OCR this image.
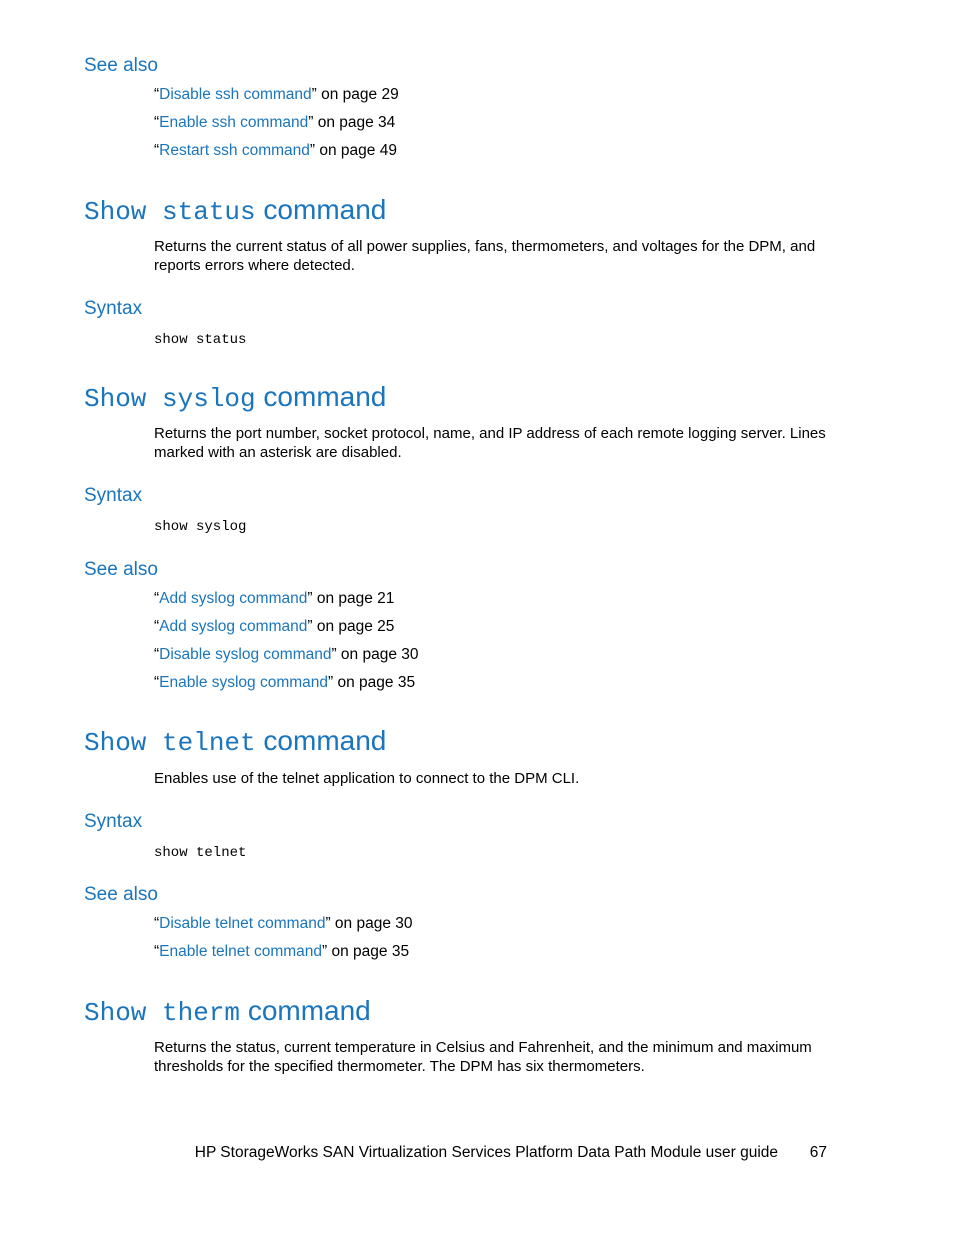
See also
“Disable ssh command” on page 29
“Enable ssh command” on page 34
“Restart ssh command” on page 49
Show status command
Returns the current status of all power supplies, fans, thermometers, and voltages for the DPM, and reports errors where detected.
Syntax
show status
Show syslog command
Returns the port number, socket protocol, name, and IP address of each remote logging server. Lines marked with an asterisk are disabled.
Syntax
show syslog
See also
“Add syslog command” on page 21
“Add syslog command” on page 25
“Disable syslog command” on page 30
“Enable syslog command” on page 35
Show telnet command
Enables use of the telnet application to connect to the DPM CLI.
Syntax
show telnet
See also
“Disable telnet command” on page 30
“Enable telnet command” on page 35
Show therm command
Returns the status, current temperature in Celsius and Fahrenheit, and the minimum and maximum thresholds for the specified thermometer. The DPM has six thermometers.
HP StorageWorks SAN Virtualization Services Platform Data Path Module user guide 67
